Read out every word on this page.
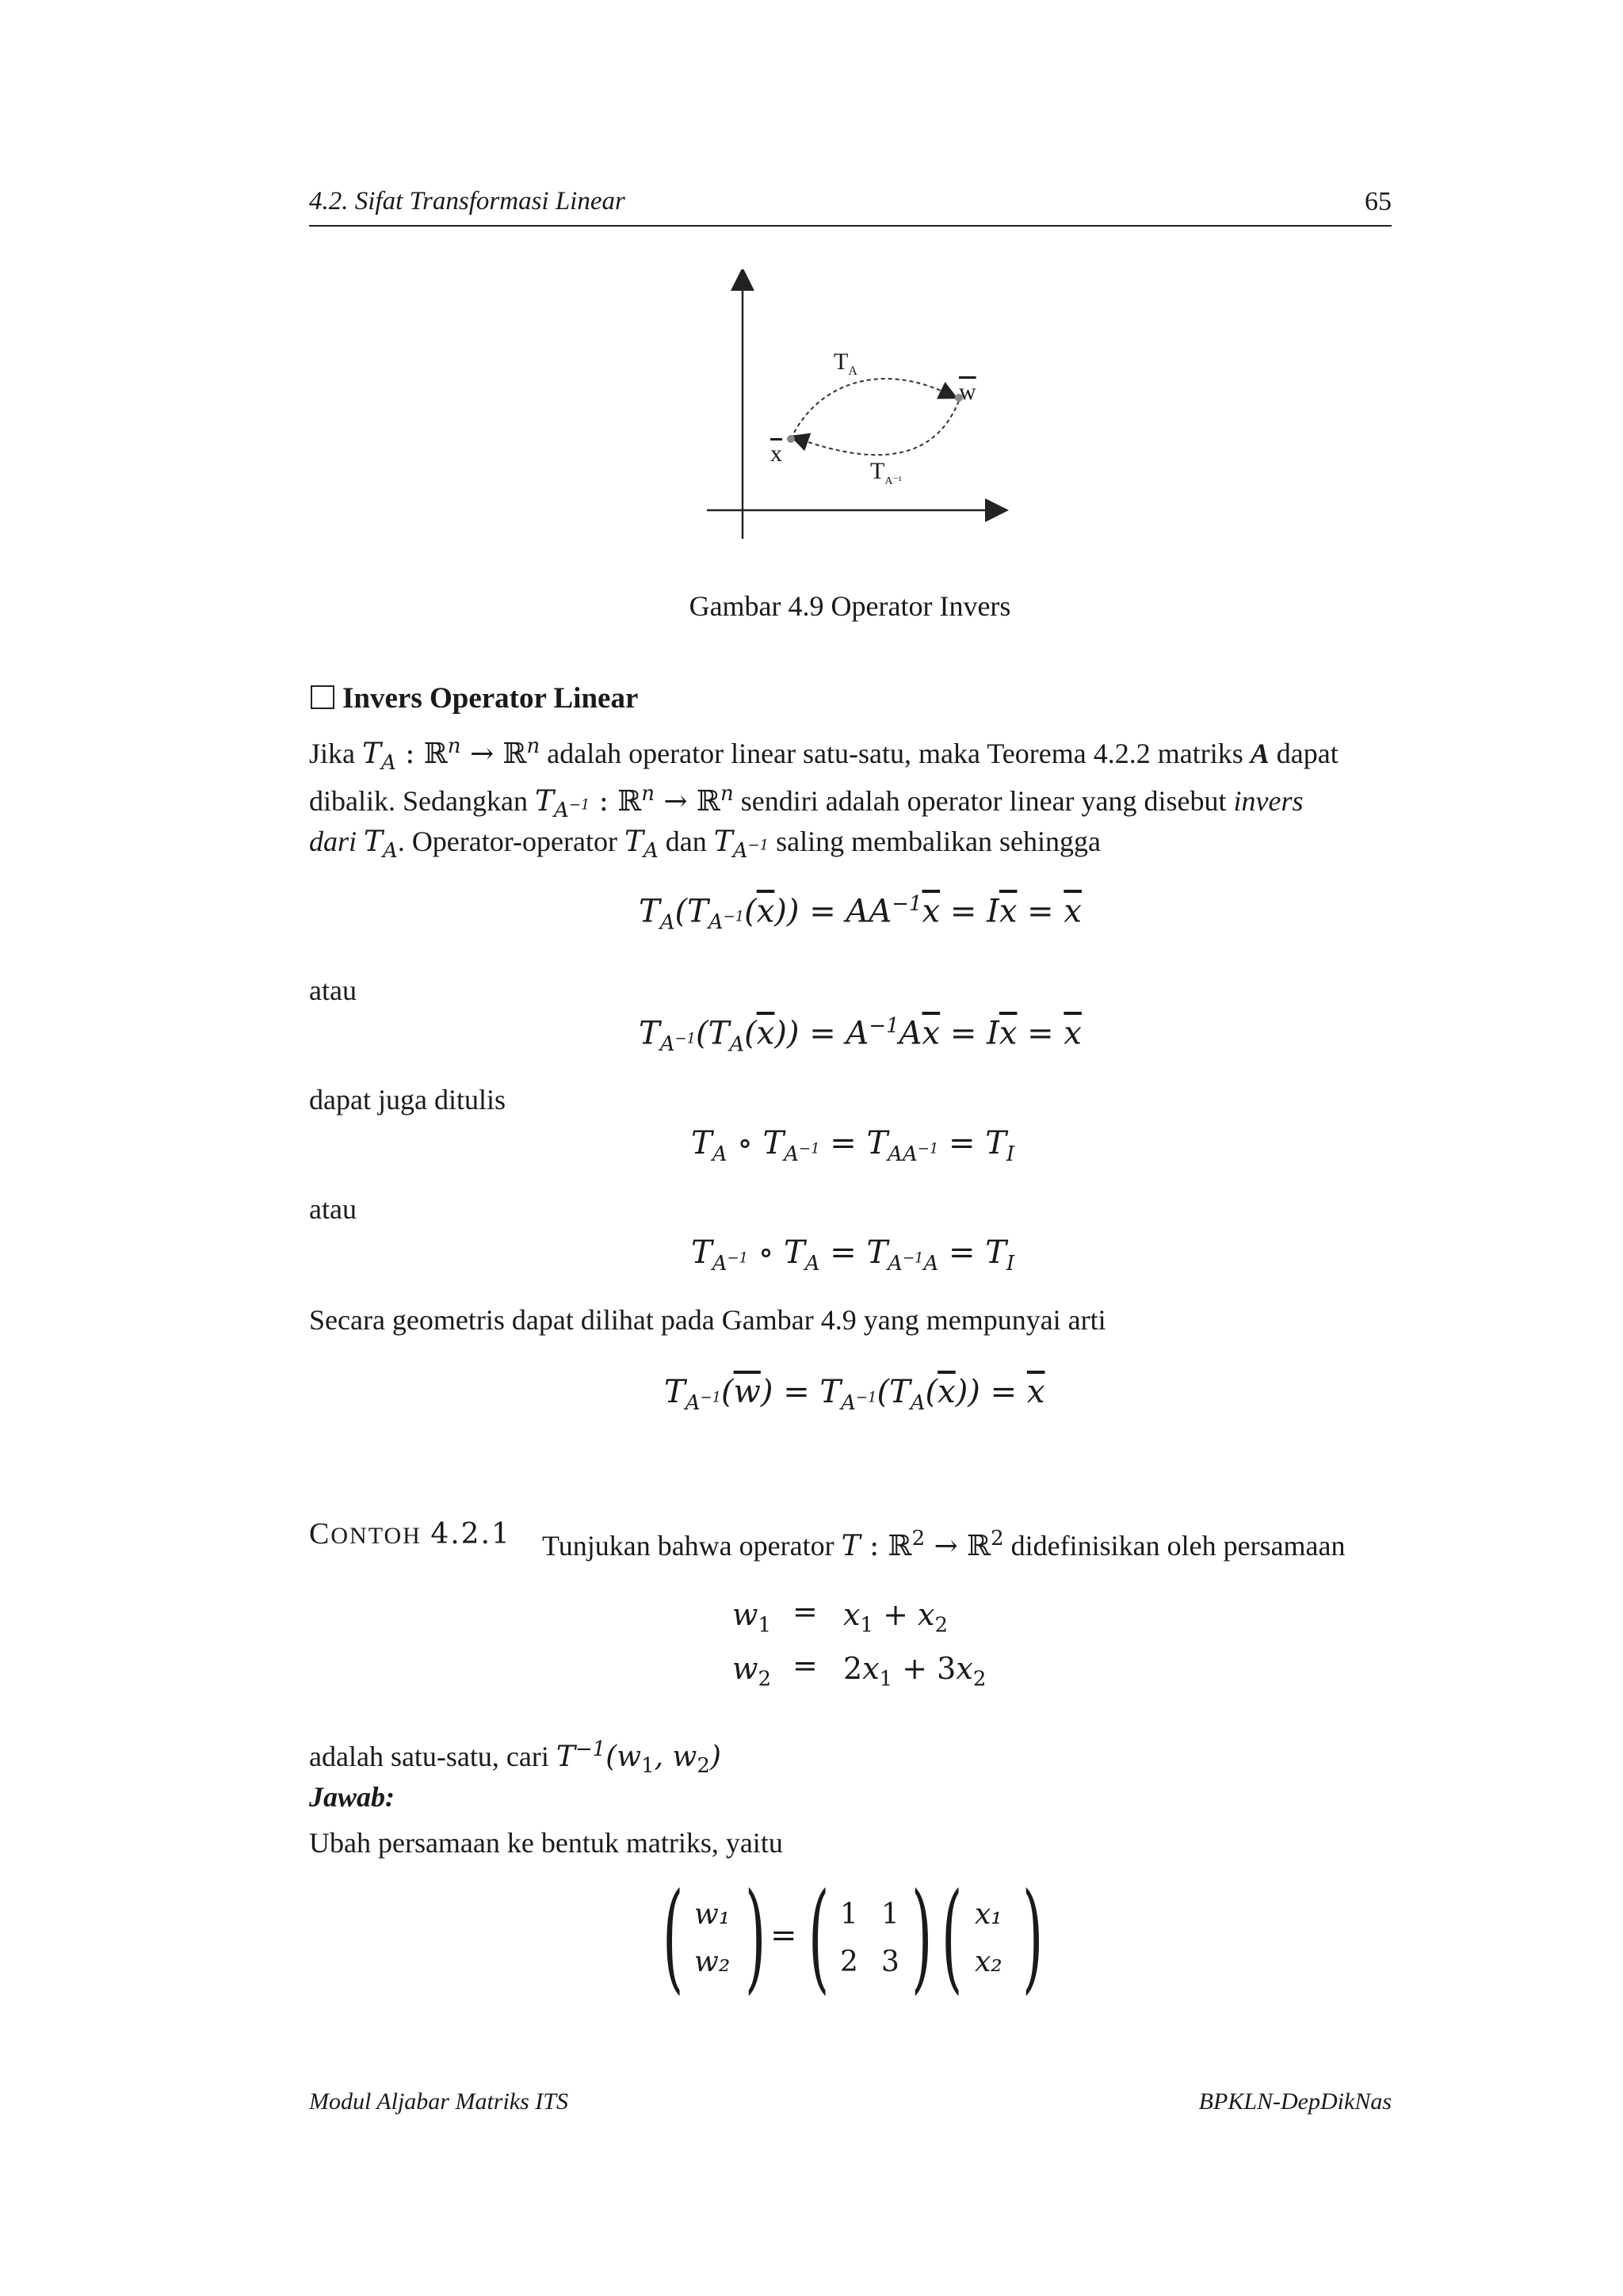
4.2. Sifat Transformasi Linear	65
$T_A$
$\overline{w}$
$\overline{x}$
$T_{A^{-1}}$
Gambar 4.9 Operator Invers
Invers Operator Linear
Jika $T_A$ : ℝ$^n$ → ℝ$^n$ adalah operator linear satu-satu, maka Teorema 4.2.2 matriks A dapat
dibalik. Sedangkan $T_{A^{-1}}$ : ℝ$^n$ → ℝ$^n$ sendiri adalah operator linear yang disebut invers
dari $T_A$. Operator-operator $T_A$ dan $T_{A^{-1}}$ saling membalikan sehingga
$T_A(T_{A^{-1}}(\overline{x})) = AA^{-1}\overline{x} = I\overline{x} = \overline{x}$
atau
$T_{A^{-1}}(T_A(\overline{x})) = A^{-1}A\overline{x} = I\overline{x} = \overline{x}$
dapat juga ditulis
$T_A$ ∘ $T_{A^{-1}} = T_{AA^{-1}} = T_I$
atau
$T_{A^{-1}}$ ∘ $T_A = T_{A^{-1}A} = T_I$
Secara geometris dapat dilihat pada Gambar 4.9 yang mempunyai arti
$T_{A^{-1}}(\overline{w}) = T_{A^{-1}}(T_A(\overline{x})) = \overline{x}$
CONTOH 4.2.1 Tunjukan bahwa operator T : ℝ$^2$ → ℝ$^2$ didefinisikan oleh persamaan
$w_1 = x_1 + x_2$
$w_2 = 2x_1 + 3x_2$
adalah satu-satu, cari $T^{-1}(w_1$, $w_2$)
Jawab:
Ubah persamaan ke bentuk matriks, yaitu
( )
w₁
w₂
= ( )
1 1
2 3 ( )
x₁
x₂
Modul Aljabar Matriks ITS	BPKLN-DepDikNas
